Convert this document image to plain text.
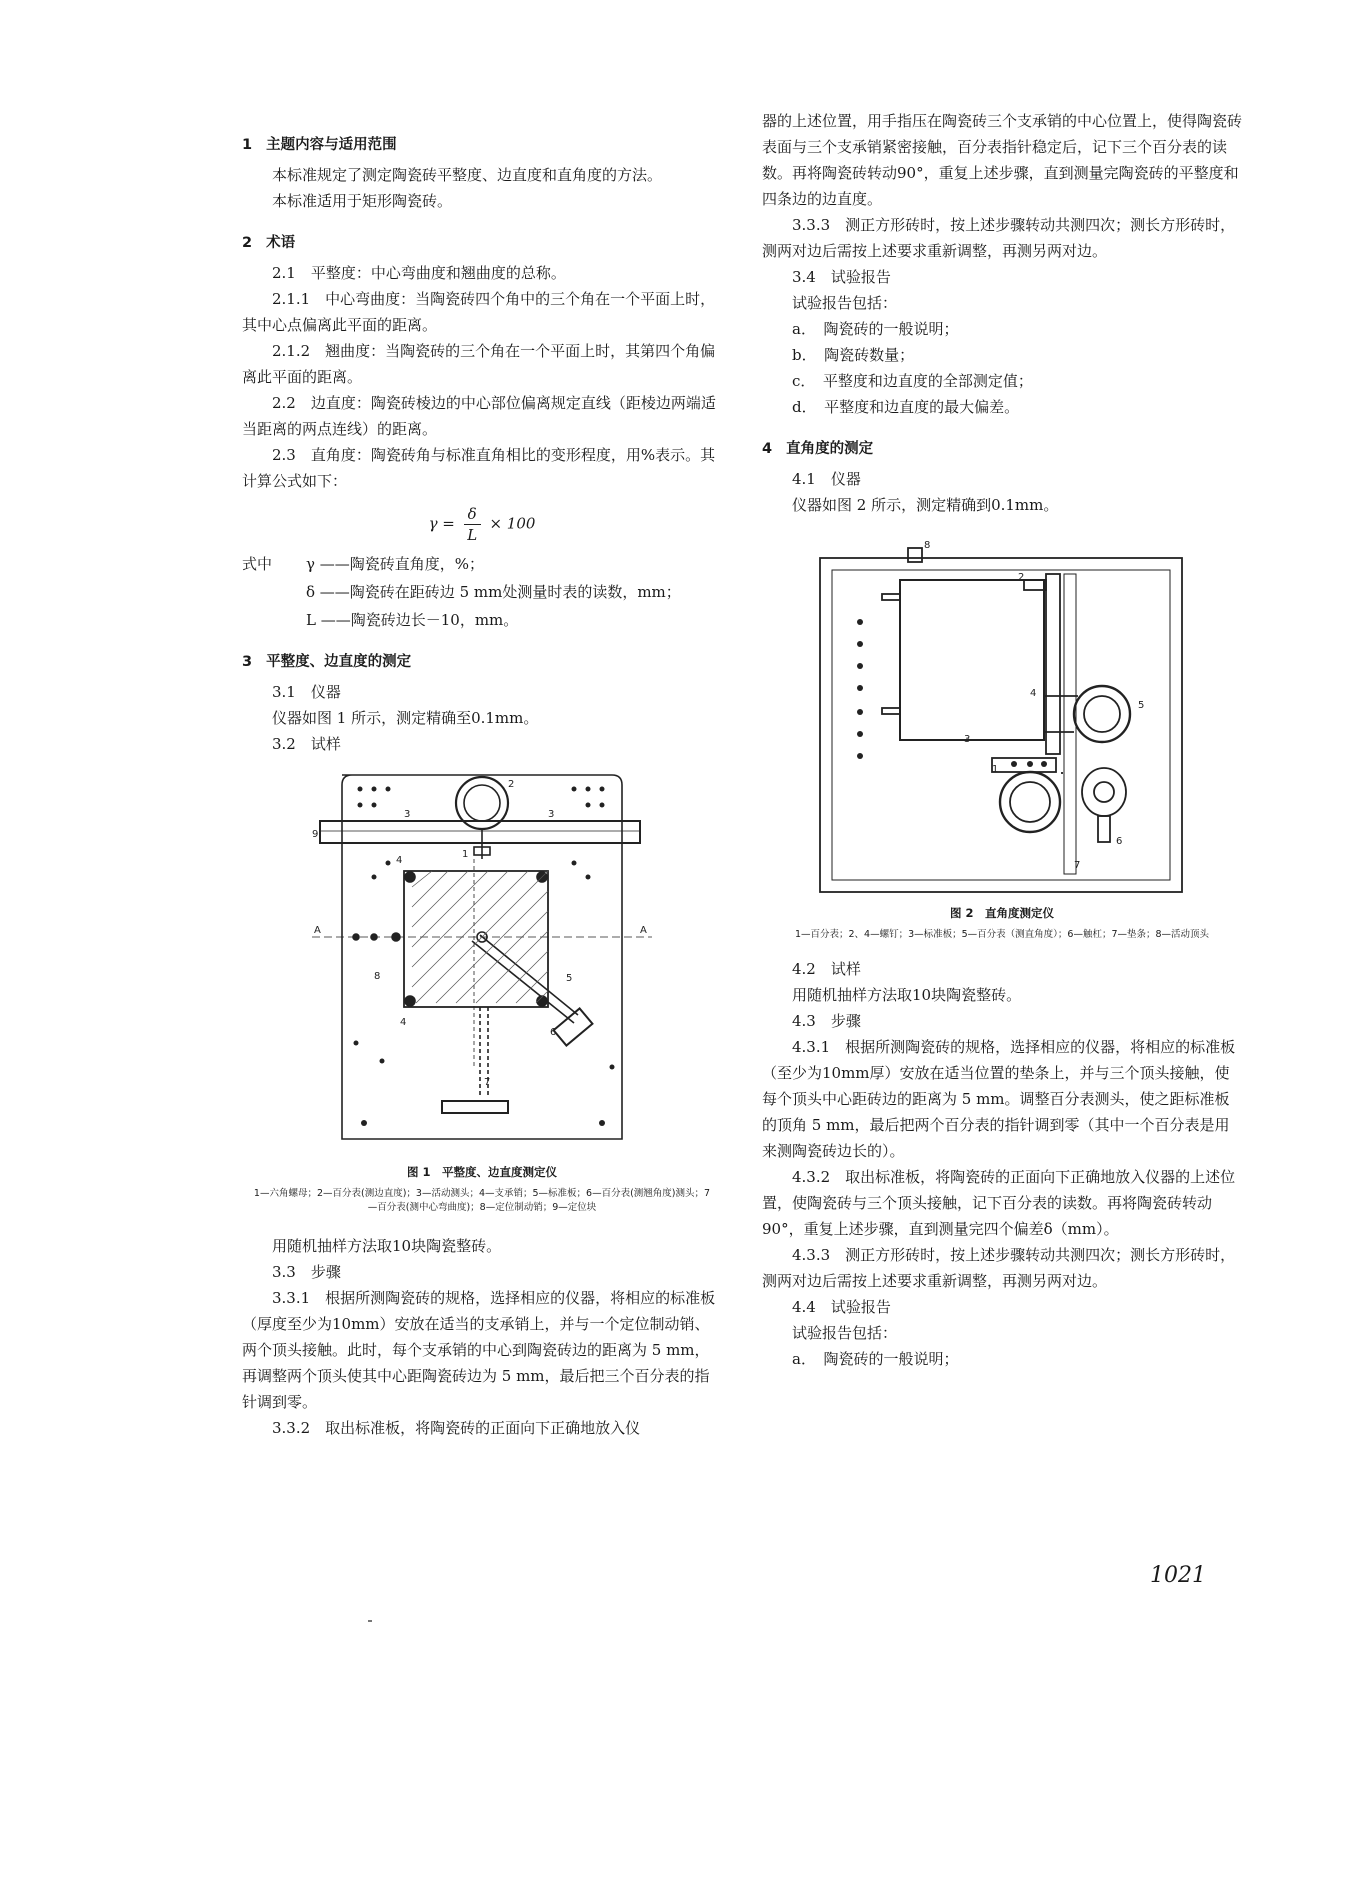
1 主题内容与适用范围

本标准规定了测定陶瓷砖平整度、边直度和直角度的方法。

本标准适用于矩形陶瓷砖。

2 术语

2.1　平整度：中心弯曲度和翘曲度的总称。

2.1.1　中心弯曲度：当陶瓷砖四个角中的三个角在一个平面上时，其中心点偏离此平面的距离。

2.1.2　翘曲度：当陶瓷砖的三个角在一个平面上时，其第四个角偏离此平面的距离。

2.2　边直度：陶瓷砖棱边的中心部位偏离规定直线（距棱边两端适当距离的两点连线）的距离。

2.3　直角度：陶瓷砖角与标准直角相比的变形程度，用%表示。其计算公式如下：

$\gamma = \frac{\delta}{L} \times 100$
式中	γ ——陶瓷砖直角度，%；
δ ——陶瓷砖在距砖边 5 mm处测量时表的读数，mm；
L ——陶瓷砖边长－10，mm。
3 平整度、边直度的测定

3.1　仪器

仪器如图 1 所示，测定精确至0.1mm。

3.2　试样

2
3	3
1
9
4
4
8	5
6
7
A	A
图 1　平整度、边直度测定仪
1—六角螺母；2—百分表(测边直度)；3—活动测头；4—支承销；5—标准板；6—百分表(测翘角度)测头；7—百分表(测中心弯曲度)；8—定位制动销；9—定位块

用随机抽样方法取10块陶瓷整砖。

3.3　步骤

3.3.1　根据所测陶瓷砖的规格，选择相应的仪器，将相应的标准板（厚度至少为10mm）安放在适当的支承销上，并与一个定位制动销、两个顶头接触。此时，每个支承销的中心到陶瓷砖边的距离为 5 mm，再调整两个顶头使其中心距陶瓷砖边为 5 mm，最后把三个百分表的指针调到零。

3.3.2　取出标准板，将陶瓷砖的正面向下正确地放入仪

器的上述位置，用手指压在陶瓷砖三个支承销的中心位置上，使得陶瓷砖表面与三个支承销紧密接触，百分表指针稳定后，记下三个百分表的读数。再将陶瓷砖转动90°，重复上述步骤，直到测量完陶瓷砖的平整度和四条边的边直度。

3.3.3　测正方形砖时，按上述步骤转动共测四次；测长方形砖时，测两对边后需按上述要求重新调整，再测另两对边。

3.4　试验报告

试验报告包括：

a．　陶瓷砖的一般说明；

b．　陶瓷砖数量；

c．　平整度和边直度的全部测定值；

d．　平整度和边直度的最大偏差。

4 直角度的测定

4.1　仪器

仪器如图 2 所示，测定精确到0.1mm。

8
2
3
4
5
1
6
7
图 2　直角度测定仪
1—百分表；2、4—螺钉；3—标准板；5—百分表（测直角度）；6—触杠；7—垫条；8—活动顶头

4.2　试样

用随机抽样方法取10块陶瓷整砖。

4.3　步骤

4.3.1　根据所测陶瓷砖的规格，选择相应的仪器，将相应的标准板（至少为10mm厚）安放在适当位置的垫条上，并与三个顶头接触，使每个顶头中心距砖边的距离为 5 mm。调整百分表测头，使之距标准板的顶角 5 mm，最后把两个百分表的指针调到零（其中一个百分表是用来测陶瓷砖边长的）。

4.3.2　取出标准板，将陶瓷砖的正面向下正确地放入仪器的上述位置，使陶瓷砖与三个顶头接触，记下百分表的读数。再将陶瓷砖转动90°，重复上述步骤，直到测量完四个偏差δ（mm）。

4.3.3　测正方形砖时，按上述步骤转动共测四次；测长方形砖时，测两对边后需按上述要求重新调整，再测另两对边。

4.4　试验报告

试验报告包括：

a．　陶瓷砖的一般说明；

1021
